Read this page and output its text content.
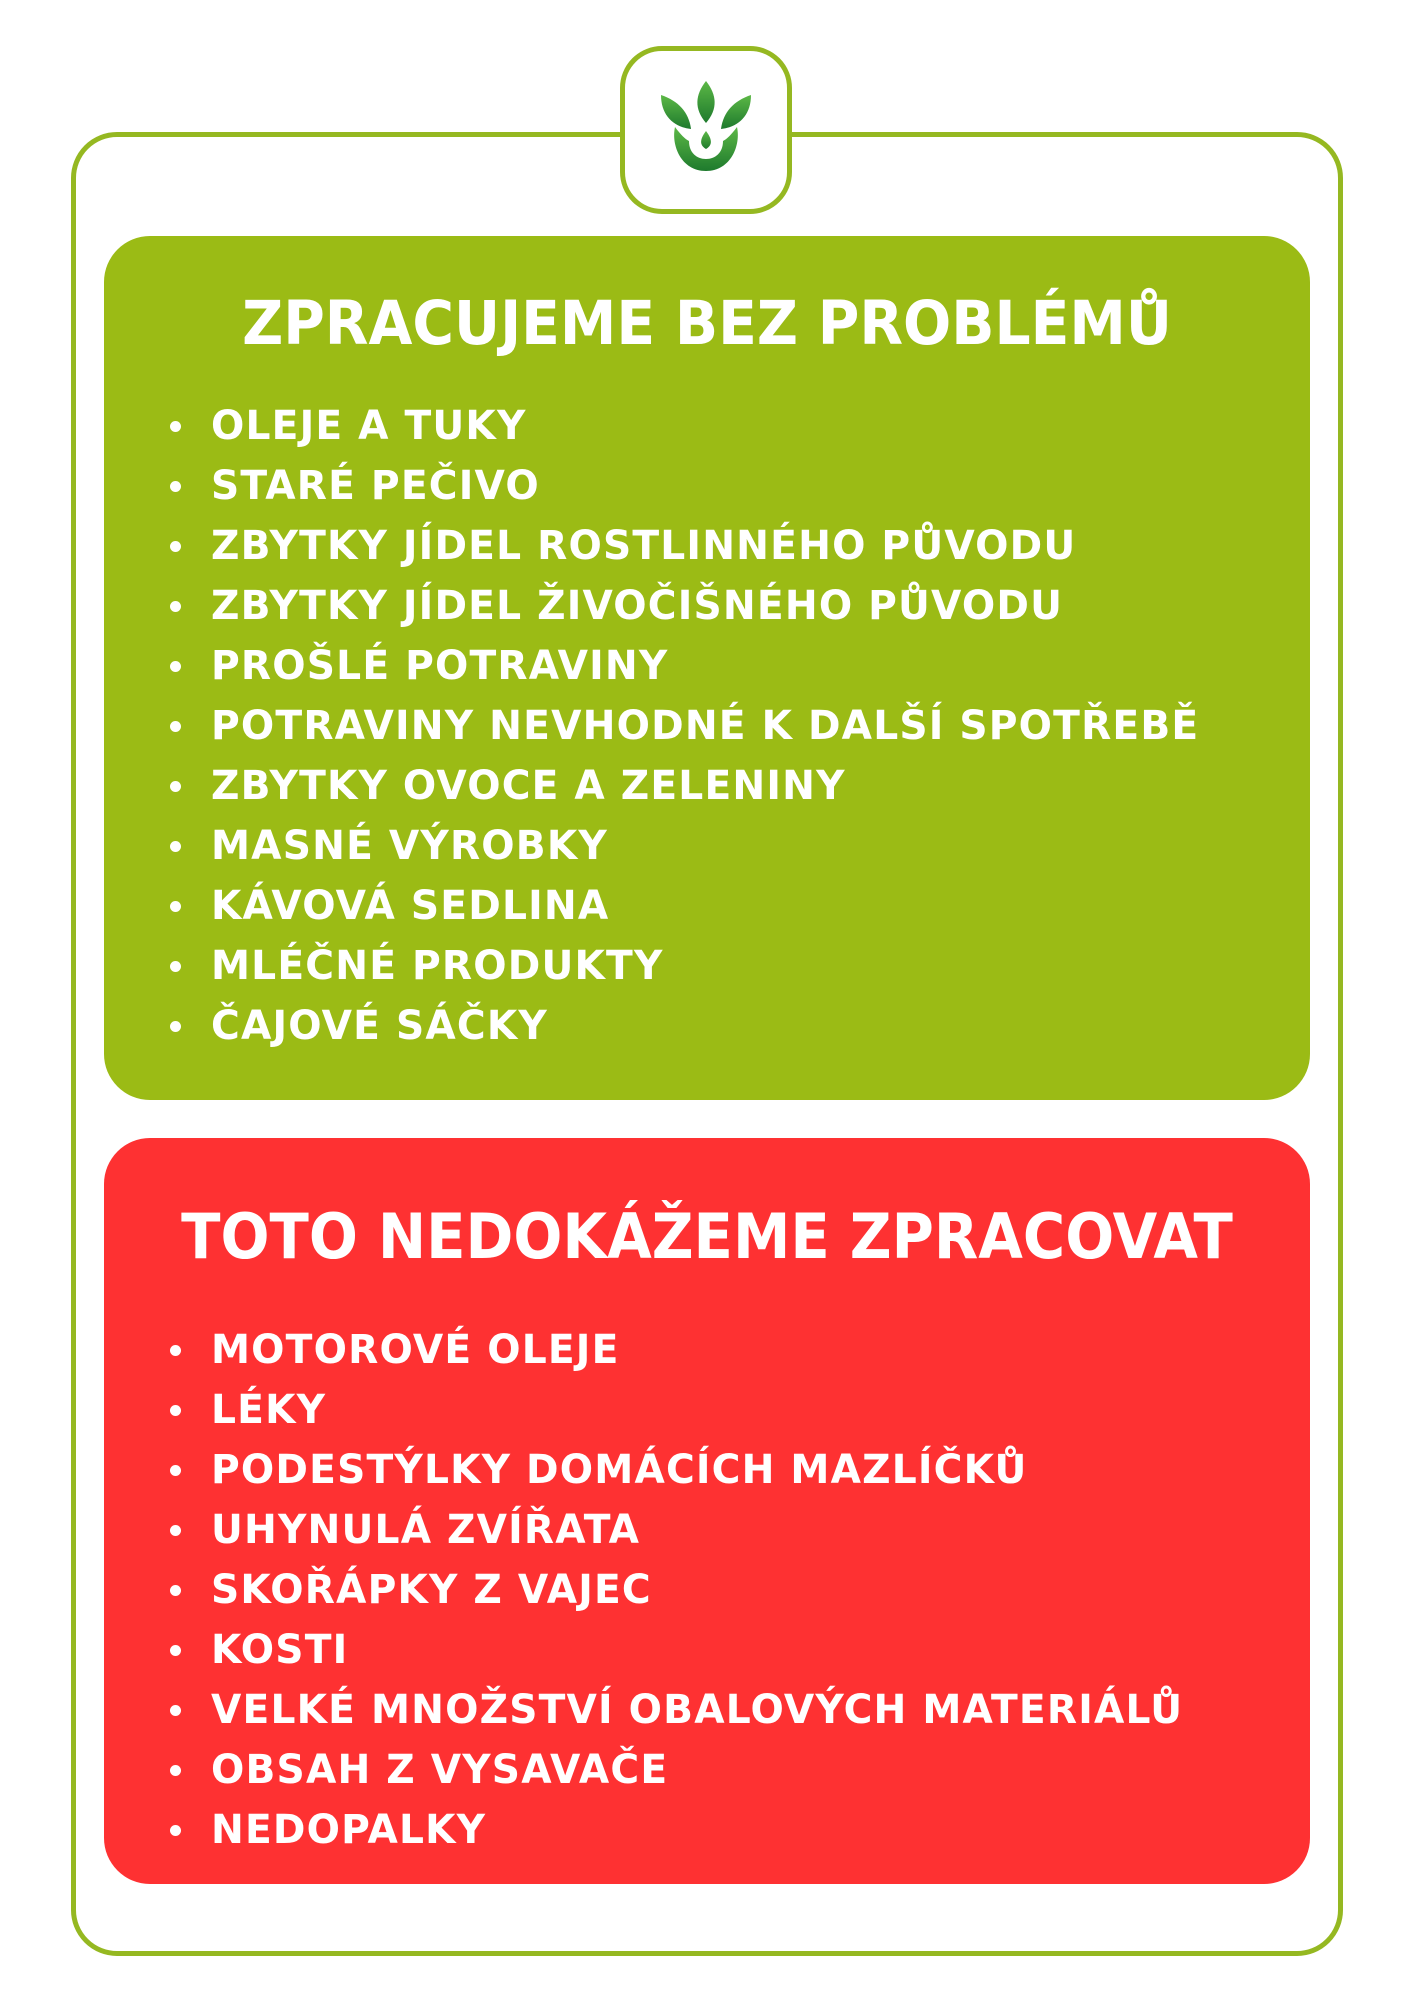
ZPRACUJEME BEZ PROBLÉMŮ
OLEJE A TUKY
STARÉ PEČIVO
ZBYTKY JÍDEL ROSTLINNÉHO PŮVODU
ZBYTKY JÍDEL ŽIVOČIŠNÉHO PŮVODU
PROŠLÉ POTRAVINY
POTRAVINY NEVHODNÉ K DALŠÍ SPOTŘEBĚ
ZBYTKY OVOCE A ZELENINY
MASNÉ VÝROBKY
KÁVOVÁ SEDLINA
MLÉČNÉ PRODUKTY
ČAJOVÉ SÁČKY
TOTO NEDOKÁŽEME ZPRACOVAT
MOTOROVÉ OLEJE
LÉKY
PODESTÝLKY DOMÁCÍCH MAZLÍČKŮ
UHYNULÁ ZVÍŘATA
SKOŘÁPKY Z VAJEC
KOSTI
VELKÉ MNOŽSTVÍ OBALOVÝCH MATERIÁLŮ
OBSAH Z VYSAVAČE
NEDOPALKY
